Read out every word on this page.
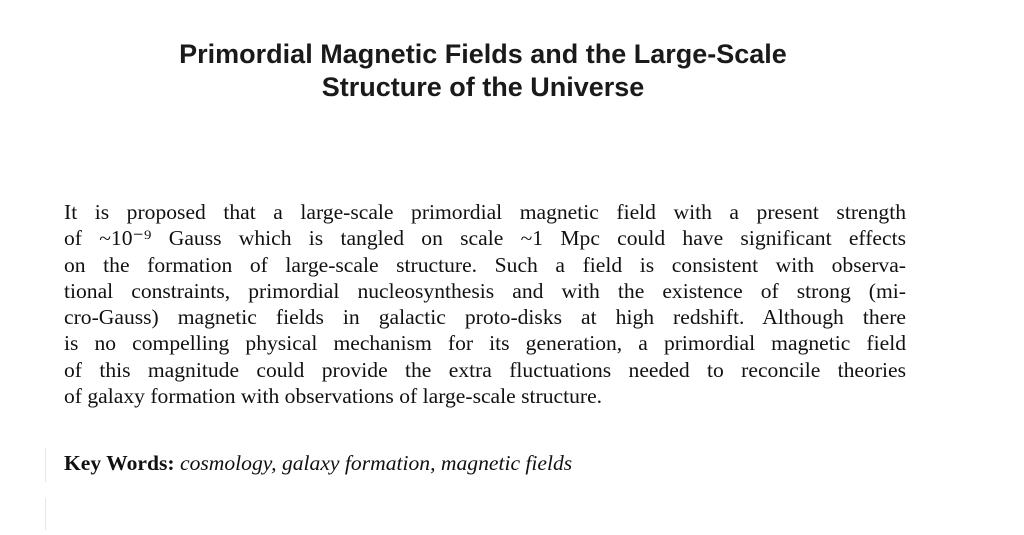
Primordial Magnetic Fields and the Large-Scale
Structure of the Universe
It is proposed that a large-scale primordial magnetic field with a present strength
of ~10⁻⁹ Gauss which is tangled on scale ~1 Mpc could have significant effects
on the formation of large-scale structure. Such a field is consistent with observa-
tional constraints, primordial nucleosynthesis and with the existence of strong (mi-
cro-Gauss) magnetic fields in galactic proto-disks at high redshift. Although there
is no compelling physical mechanism for its generation, a primordial magnetic field
of this magnitude could provide the extra fluctuations needed to reconcile theories
of galaxy formation with observations of large-scale structure.
Key Words: cosmology, galaxy formation, magnetic fields
